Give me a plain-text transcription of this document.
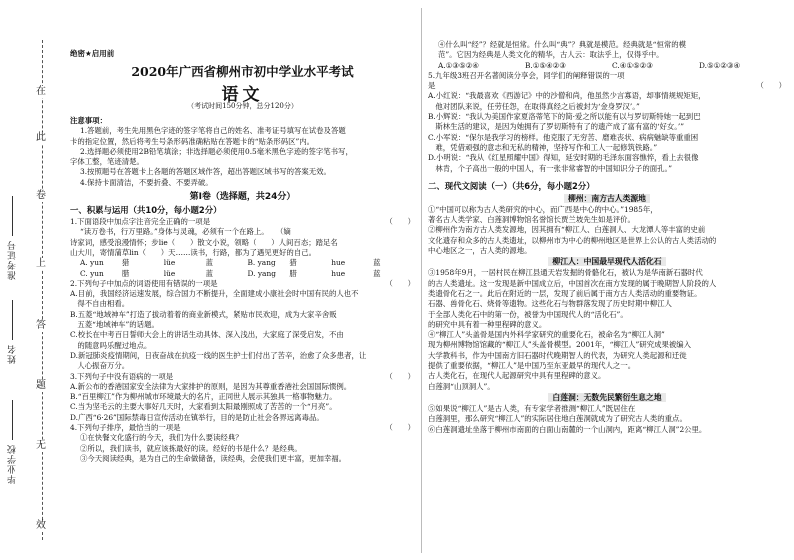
在
此
卷
上
答
题
无
效
准考证号
姓名
毕业学校
绝密★启用前
2020年广西省柳州市初中学业水平考试
语文
（考试时间150分钟，总分120分）
注意事项：
1.答题前，考生先用黑色字迹的签字笔将自己的姓名、准考证号填写在试卷及答题
卡的指定位置，然后将考生号条形码准确粘贴在答题卡的“贴条形码区”内。
2.选择题必须使用2B铅笔填涂；非选择题必须使用0.5毫米黑色字迹的签字笔书写，
字体工整，笔迹清楚。
3.按照题号在答题卡上各题的答题区域作答，超出答题区域书写的答案无效。
4.保持卡面清洁，不要折叠、不要弄破。
第Ⅰ卷（选择题，共24分）
一、积累与运用（共10分，每小题2分）
1.下面语段中加点字注音完全正确的一项是	（　　）
“读万卷书，行万里路。”身体与灵魂，必须有一个在路上。　　（嫡
诗家词，感受浪漫情怀；步lie（　　）散文小说，领略（　　）人间百态；踏足名
山大川，寄情蒲草lin（　　）天……读书，行路，都为了遇见更好的自己。
A. yun	猎	lüe	蓝	B. yang	猎	hue	蓝
C. yun	腊	lüe	蓝	D. yang	腊	hue	蓝
2.下列句子中加点的词语使用有错误的一项是	（　　）
A.目前，我国经济运速发展，综合国力不断提升，全面建成小康社会时中国有民的人也不
　得不自由相看。
B.五菱“地域神车”打造了拔动着着的商业新模式，紧贴市民欢迎，成为大家辛舍贩
　五菱“地域神车”的话题。
C.校长在中考百日誓师大会上的讲话生动具体、深入浅出，大家庭了深受启发，不由
　的随意吗乐醒过地点。
D.新冠肺炎疫情期间，日夜奋战在抗疫一线的医生护士们付出了苦辛，治愈了众多患者，让
　人心振奋万分。
3.下列句子中没有语病的一项是	（　　）
A.新公布的香港国家安全法律为大家排护的原则，是因为其尊重香港社会国国际惯例。
B.“百里柳江”作为柳州城市环境最大的名片，正同世人展示其独具一格事物魅力。
C.当为坚毛云的主要大事好几天时，大家看到太阳最刚照成了苦苦的一个“月亮”。
D.广西“6·26”国际禁毒日宣传活动在镇举行，目的是防止社会各界远离毒品。
4.下列句子排序，最恰当的一项是	（　　）
①在快餐文化盛行的今天，我们为什么要读经典？
②所以，我们读书，就应该拣最好的读。经好的书是什么？是经典。
③今天阅读经典，是为自己的生命做储备，读经典，会使我们更丰富，更加幸福。
④什么叫“经”？经就是恒常。什么叫“典”？典就是模范。经典就是“恒常的模
范”。它因为经典是人类文化的精华，古人云：取法乎上，仅得乎中。
A.①③⑤②④	B.①⑤④②③	C.④①⑤②③	D.⑤①②③④
5.九年级3班召开名著阅读分享会，同学们的阐释错误的一项
是	（　　）
A.小红说：“我最喜欢《西游记》中的沙僧和尚，他虽然少言寡语，却事情规规矩矩，
　他对团队来说，任劳任怨，在取得真经之后被封为‘金身罗汉’。”
B.小辉说：“我认为美国作家夏洛蒂笔下的简·爱之所以能有以与罗切斯特她一起到巴
　斯林生活的建议，是因为她拥有了罗切斯特有了的遗产成了富有富的‘好女。’”
C.小军说：“保尔是我学习的榜样。他克服了无穷苦、磨难丧状、病病魅缺等重重困
　难，凭借顽强的意志和无私的精神，坚持写作和工人一起修筑铁路。”
D.小明说：“我从《红星照耀中国》得知，延安时期的毛泽东面容憔悴，看上去很像
　林肯，个子高出一般的中国人，有一张非常睿智的中国知识分子的面孔。”
二、现代文阅读（一）（共6分，每小题2分）
柳州：南方古人类源地
①“中国可以称为古人类研究的中心，而广西是中心的中心。”1985年，
著名古人类学家、白莲洞博物馆名誉馆长贾兰坡先生如是评价。
②柳州作为南方古人类发源地，因其拥有“柳江人、白莲洞人、大龙潭人等丰富的史前
文化遗存和众多的古人类遗址，以柳州市为中心的柳州地区是世界上公认的古人类活动的
中心地区之一，古人类的源地。
柳江人：中国最早现代人活化石
③1958年9月，一居村民在柳江县通天岩发掘的骨骼化石，被认为是华南新石器时代
的古人类遗址。这一发现是新中国成立后，中国首次在南方发现的属于晚期智人阶段的人
类遗骨化石之一。此后在附近的一层，发现了前后属于南方古人类活动的重要物证。
石器、兽骨化石、烧骨等遗物。这些化石与物群落发现了历史时期中柳江人
于全部人类化石中的第一份，被誉为中国现代人的“活化石”。
的研究中具有着一种里程碑的意义。
④“柳江人”头盖骨是国内外科学家研究的重要化石，被命名为“柳江人洞”
现为柳州博物馆馆藏的“柳江人”头盖骨模型。2001年，“柳江人”研究成果被编入
大学教科书，作为中国南方旧石器时代晚期智人的代表，为研究人类起源和迁徙
提供了重要依据，“柳江人”是中国乃至东亚最早的现代人之一。
古人类化石，在现代人起源研究中具有里程碑的意义。
白莲洞“山顶洞人”。
白莲洞：无数先民繁衍生息之地
⑤如果说“柳江人”是古人类，有专家学者推测“柳江人”既居住在
白莲洞里，那么研究“柳江人”的实际居住地白莲洞就成为了研究古人类的重点。
⑥白莲洞遗址坐落于柳州市南面的白面山南麓的一个山洞内，距离“柳江人洞”2公里。
